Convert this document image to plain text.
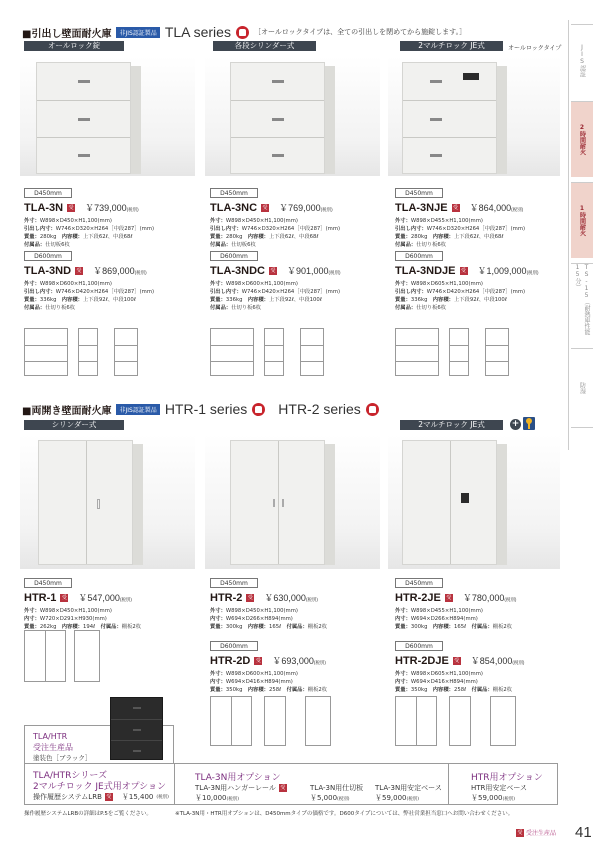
■引出し壁面耐火庫	非JIS認証製品 TLA series	［オールロックタイプは、全ての引出しを閉めてから施錠します。］
オールロック錠	各段シリンダー式	2マルチロック JE式	オールロックタイプ
D450mm
TLA-3N 受 ￥739,000(税別)
外寸：W898×D450×H1,100(mm)
引出し内寸：W746×D320×H264［中段287］(mm)
質量：280kg　内容積：上下段62ℓ、中段68ℓ
付属品：仕切板6枚
D600mm
TLA-3ND 受 ￥869,000(税別)
外寸：W898×D600×H1,100(mm)
引出し内寸：W746×D420×H264［中段287］(mm)
質量：336kg　内容積：上下段92ℓ、中段100ℓ
付属品：仕切り板6枚
D450mm
TLA-3NC 受 ￥769,000(税別)
外寸：W898×D450×H1,100(mm)
引出し内寸：W746×D320×H264［中段287］(mm)
質量：280kg　内容積：上下段62ℓ、中段68ℓ
付属品：仕切板6枚
D600mm
TLA-3NDC 受 ￥901,000(税別)
外寸：W898×D600×H1,100(mm)
引出し内寸：W746×D420×H264［中段287］(mm)
質量：336kg　内容積：上下段92ℓ、中段100ℓ
付属品：仕切り板6枚
D450mm
TLA-3NJE 受 ￥864,000(税別)
外寸：W898×D455×H1,100(mm)
引出し内寸：W746×D320×H264［中段287］(mm)
質量：280kg　内容積：上下段62ℓ、中段68ℓ
付属品：仕切り板6枚
D600mm
TLA-3NDJE 受 ￥1,009,000(税別)
外寸：W898×D605×H1,100(mm)
引出し内寸：W746×D420×H264［中段287］(mm)
質量：336kg　内容積：上下段92ℓ、中段100ℓ
付属品：仕切り板6枚
■両開き壁面耐火庫	非JIS認証製品 HTR-1 series HTR-2 series
シリンダー式	2マルチロック JE式	+
D450mm
HTR-1 受 ￥547,000(税別)
外寸：W898×D450×H1,100(mm)
内寸：W720×D291×H930(mm)
質量：262kg　内容積：194ℓ　付属品：棚板2枚
D450mm
HTR-2 受 ￥630,000(税別)
外寸：W898×D450×H1,100(mm)
内寸：W694×D266×H894(mm)
質量：300kg　内容積：165ℓ　付属品：棚板2枚
D600mm
HTR-2D 受 ￥693,000(税別)
外寸：W898×D600×H1,100(mm)
内寸：W694×D416×H894(mm)
質量：350kg　内容積：258ℓ　付属品：棚板2枚
D450mm
HTR-2JE 受 ￥780,000(税別)
外寸：W898×D455×H1,100(mm)
内寸：W694×D266×H894(mm)
質量：300kg　内容積：165ℓ　付属品：棚板2枚
D600mm
HTR-2DJE 受 ￥854,000(税別)
外寸：W898×D605×H1,100(mm)
内寸：W694×D416×H894(mm)
質量：350kg　内容積：258ℓ　付属品：棚板2枚
TLA/HTR
受注生産品
塗装色［ブラック］
TLA/HTRシリーズ
2マルチロック JE式用オプション
操作履歴システムLRB 受 ￥15,400 (税別)
TLA-3N用オプション
TLA-3N用ハンガーレール 受
￥10,000(税別)
TLA-3N用仕切板
￥5,000(税別)
TLA-3N用安定ベース
￥59,000(税別)
HTR用オプション
HTR用安定ベース
￥59,000(税別)
操作履歴システムLRBの詳細はP.5をご覧ください。	※TLA-3N用・HTR用オプションは、D450mmタイプの価格です。D600タイプについては、弊社営業担当窓口へお問い合わせください。
受 受注生産品 41
JIS認証
2時間耐火
1時間耐火
TS-15（耐熱庫性能15分）
防湿
